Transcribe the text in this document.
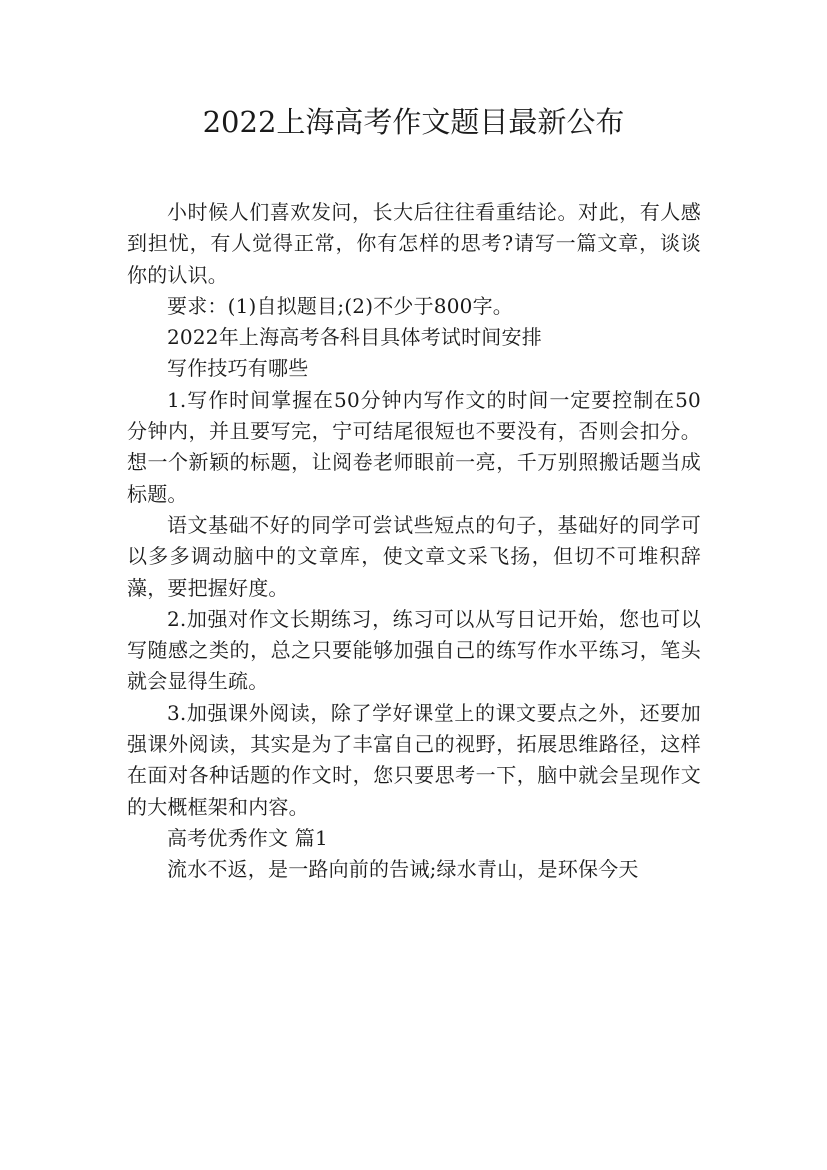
2022上海高考作文题目最新公布

小时候人们喜欢发问，长大后往往看重结论。对此，有人感到担忧，有人觉得正常，你有怎样的思考?请写一篇文章，谈谈你的认识。

要求：(1)自拟题目;(2)不少于800字。

2022年上海高考各科目具体考试时间安排

写作技巧有哪些

1.写作时间掌握在50分钟内写作文的时间一定要控制在50分钟内，并且要写完，宁可结尾很短也不要没有，否则会扣分。想一个新颖的标题，让阅卷老师眼前一亮，千万别照搬话题当成标题。

语文基础不好的同学可尝试些短点的句子，基础好的同学可以多多调动脑中的文章库，使文章文采飞扬，但切不可堆积辞藻，要把握好度。

2.加强对作文长期练习，练习可以从写日记开始，您也可以写随感之类的，总之只要能够加强自己的练写作水平练习，笔头就会显得生疏。

3.加强课外阅读，除了学好课堂上的课文要点之外，还要加强课外阅读，其实是为了丰富自己的视野，拓展思维路径，这样在面对各种话题的作文时，您只要思考一下，脑中就会呈现作文的大概框架和内容。

高考优秀作文 篇1

流水不返，是一路向前的告诫;绿水青山，是环保今天
